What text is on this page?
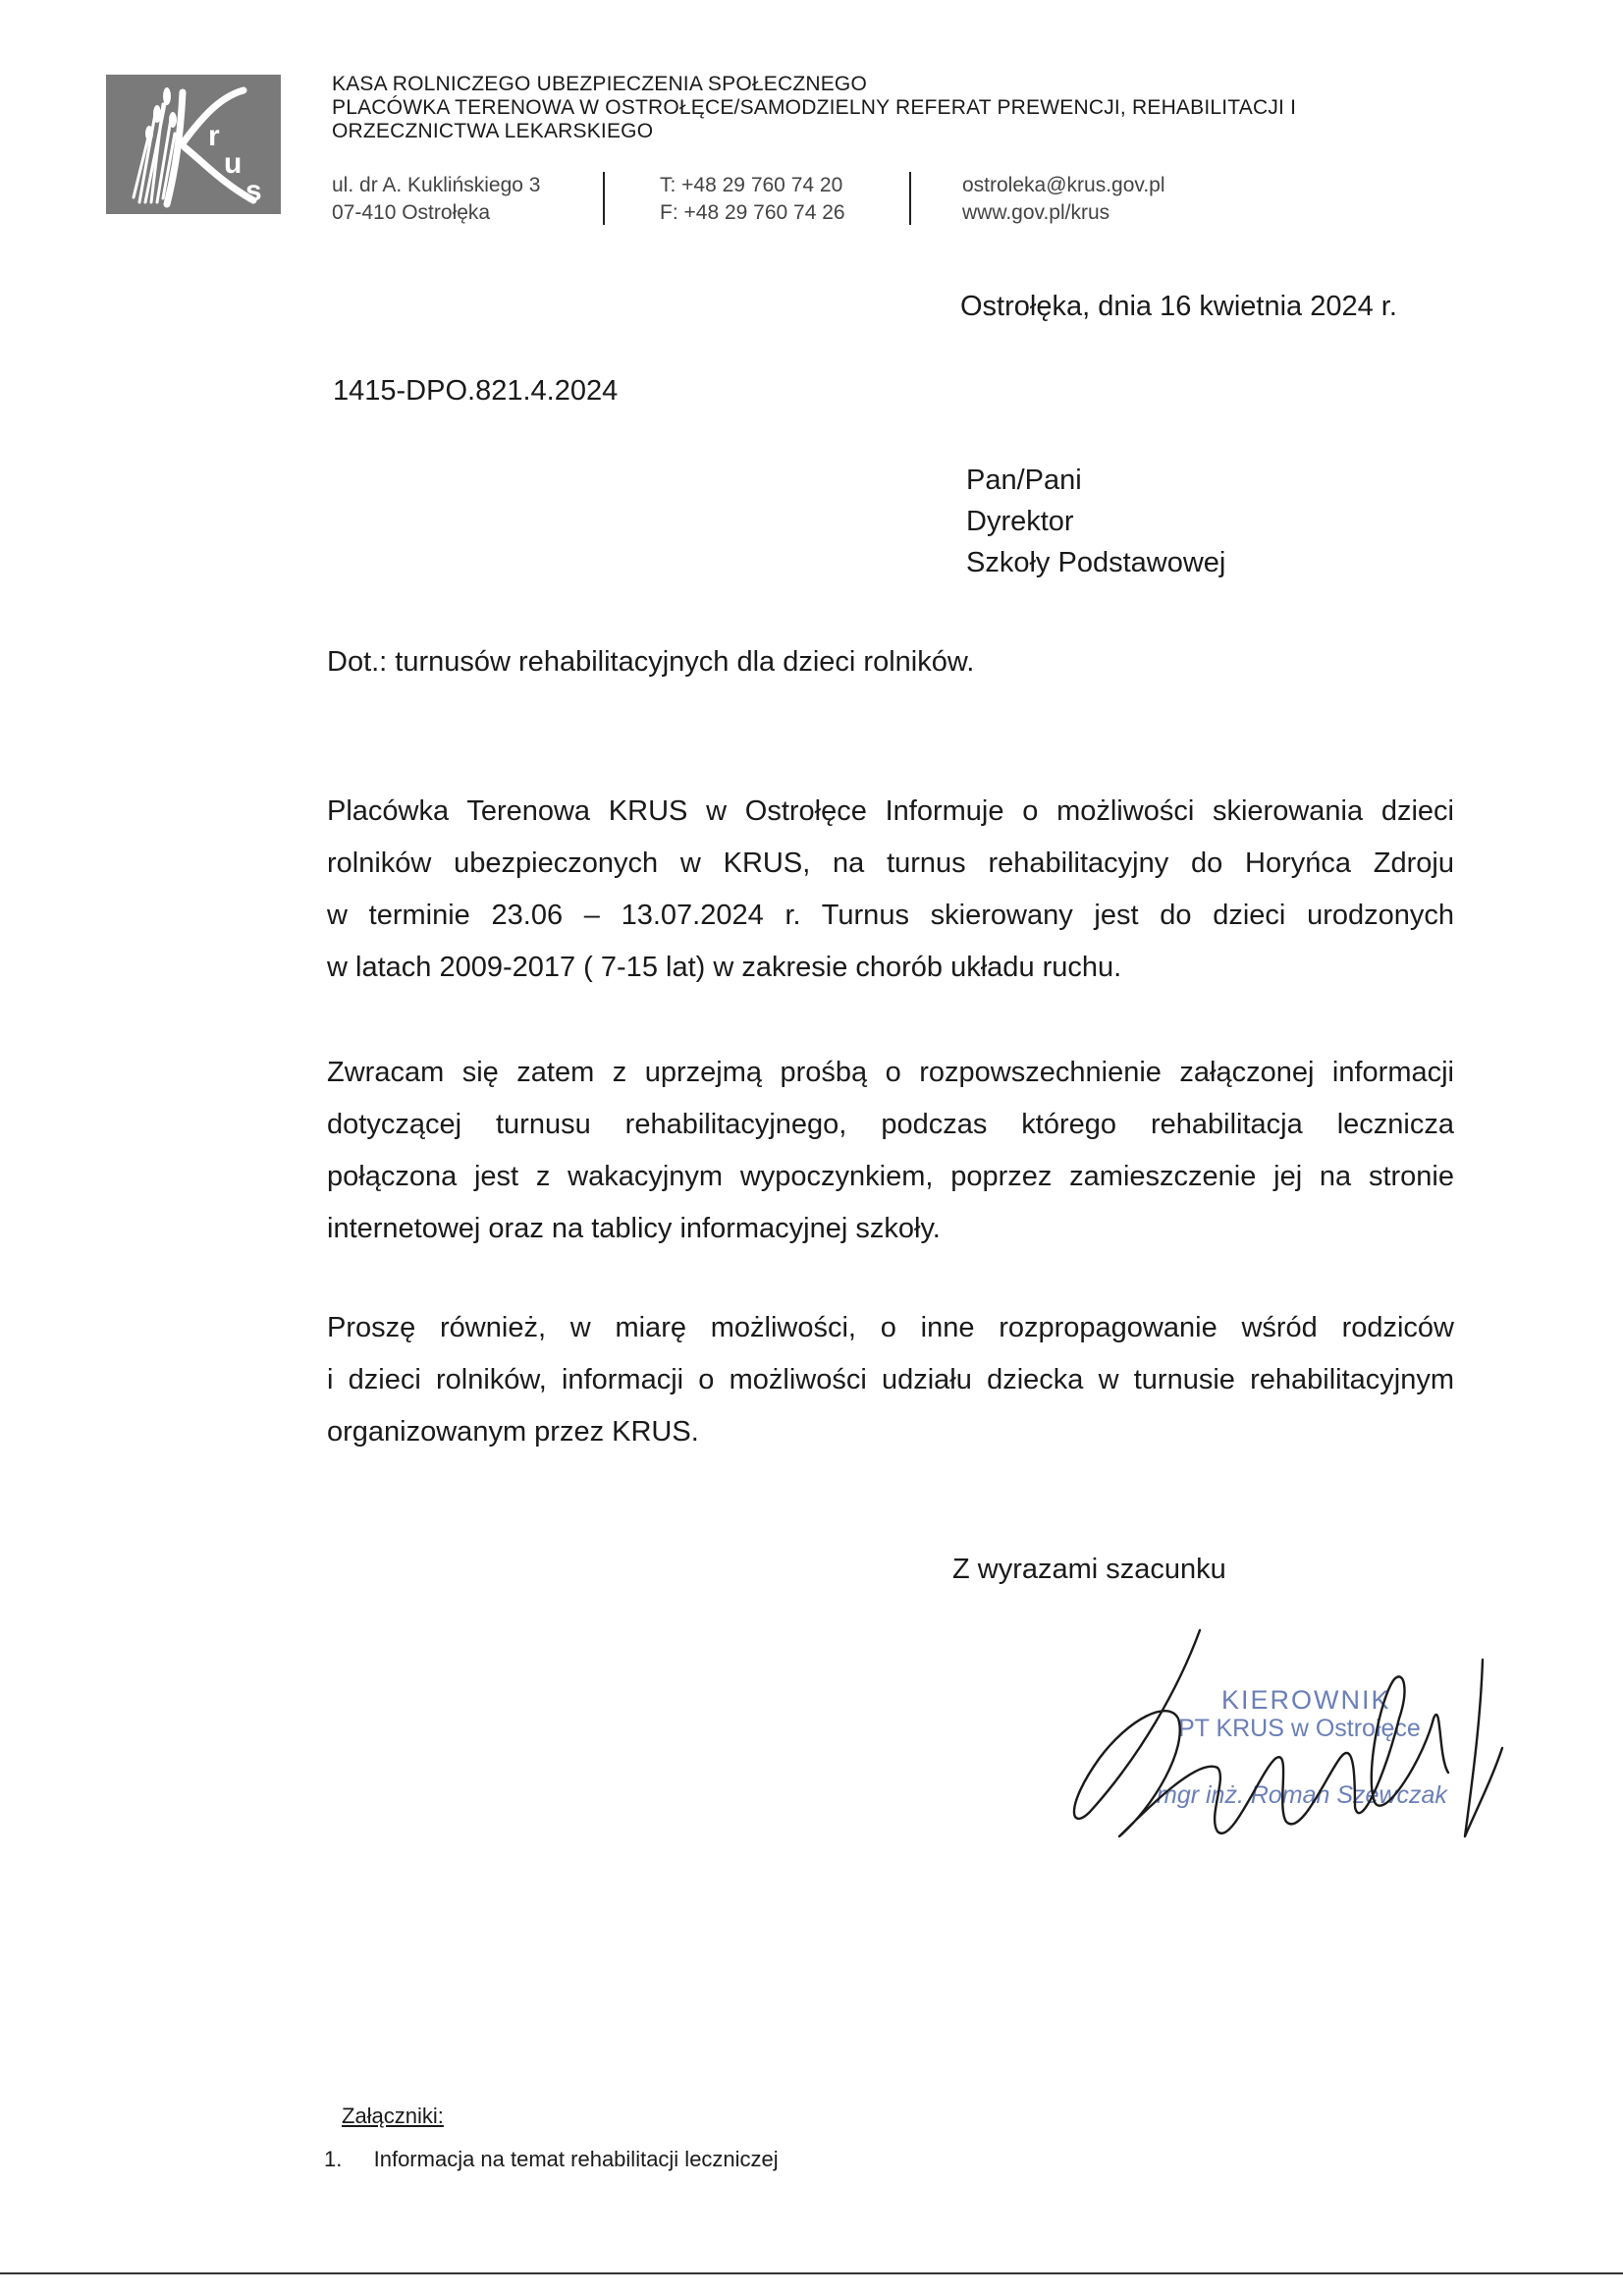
r
u
s
KASA ROLNICZEGO UBEZPIECZENIA SPOŁECZNEGO
PLACÓWKA TERENOWA W OSTROŁĘCE/SAMODZIELNY REFERAT PREWENCJI, REHABILITACJI I
ORZECZNICTWA LEKARSKIEGO
ul. dr A. Kuklińskiego 3
07-410 Ostrołęka
T: +48 29 760 74 20
F: +48 29 760 74 26
ostroleka@krus.gov.pl
www.gov.pl/krus
Ostrołęka, dnia 16 kwietnia 2024 r.
1415-DPO.821.4.2024
Pan/Pani
Dyrektor
Szkoły Podstawowej
Dot.: turnusów rehabilitacyjnych dla dzieci rolników.
Placówka Terenowa KRUS w Ostrołęce Informuje o możliwości skierowania dzieci
rolników ubezpieczonych w KRUS, na turnus rehabilitacyjny do Horyńca Zdroju
w terminie 23.06 – 13.07.2024 r. Turnus skierowany jest do dzieci urodzonych
w latach 2009-2017 ( 7-15 lat) w zakresie chorób układu ruchu.
Zwracam się zatem z uprzejmą prośbą o rozpowszechnienie załączonej informacji
dotyczącej turnusu rehabilitacyjnego, podczas którego rehabilitacja lecznicza
połączona jest z wakacyjnym wypoczynkiem, poprzez zamieszczenie jej na stronie
internetowej oraz na tablicy informacyjnej szkoły.
Proszę również, w miarę możliwości, o inne rozpropagowanie wśród rodziców
i dzieci rolników, informacji o możliwości udziału dziecka w turnusie rehabilitacyjnym
organizowanym przez KRUS.
Z wyrazami szacunku
KIEROWNIK
PT KRUS w Ostrołęce
mgr inż. Roman Szewczak
Załączniki:
1. Informacja na temat rehabilitacji leczniczej
